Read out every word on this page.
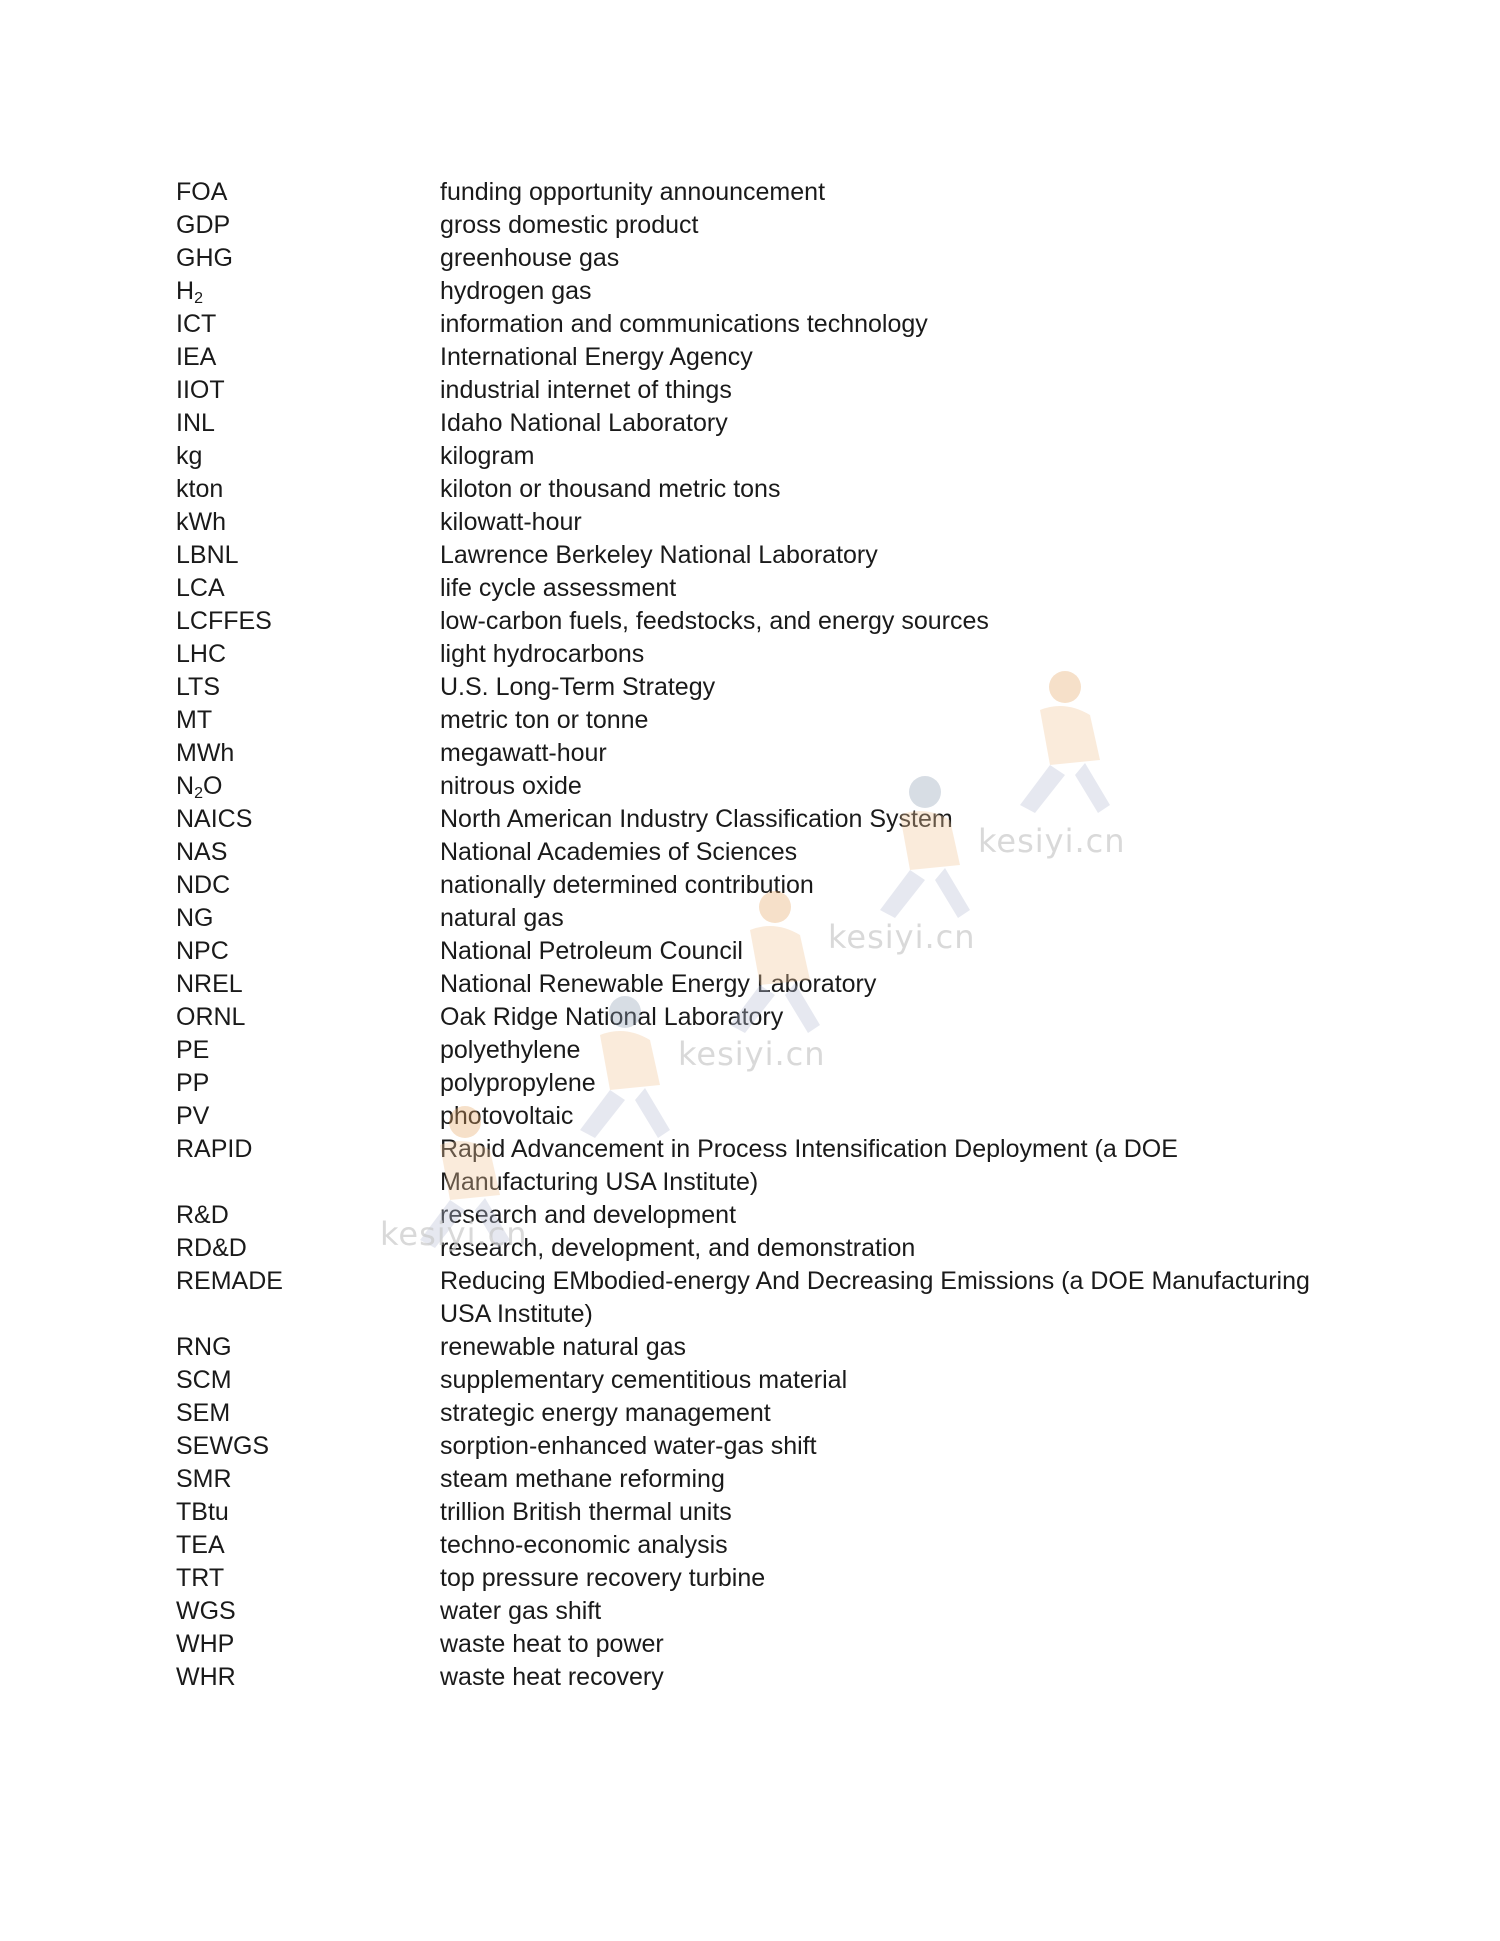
FOA	funding opportunity announcement
GDP	gross domestic product
GHG	greenhouse gas
$H_2$	hydrogen gas
ICT	information and communications technology
IEA	International Energy Agency
IIOT	industrial internet of things
INL	Idaho National Laboratory
kg	kilogram
kton	kiloton or thousand metric tons
kWh	kilowatt-hour
LBNL	Lawrence Berkeley National Laboratory
LCA	life cycle assessment
LCFFES	low-carbon fuels, feedstocks, and energy sources
LHC	light hydrocarbons
LTS	U.S. Long-Term Strategy
MT	metric ton or tonne
MWh	megawatt-hour
$N_2O$	nitrous oxide
NAICS	North American Industry Classification System
NAS	National Academies of Sciences
NDC	nationally determined contribution
NG	natural gas
NPC	National Petroleum Council
NREL	National Renewable Energy Laboratory
ORNL	Oak Ridge National Laboratory
PE	polyethylene
PP	polypropylene
PV	photovoltaic
RAPID	Rapid Advancement in Process Intensification Deployment (a DOE Manufacturing USA Institute)
R&D	research and development
RD&D	research, development, and demonstration
REMADE	Reducing EMbodied-energy And Decreasing Emissions (a DOE Manufacturing USA Institute)
RNG	renewable natural gas
SCM	supplementary cementitious material
SEM	strategic energy management
SEWGS	sorption-enhanced water-gas shift
SMR	steam methane reforming
TBtu	trillion British thermal units
TEA	techno-economic analysis
TRT	top pressure recovery turbine
WGS	water gas shift
WHP	waste heat to power
WHR	waste heat recovery
kesiyi.cn
kesiyi.cn
kesiyi.cn
kesiyi.cn
